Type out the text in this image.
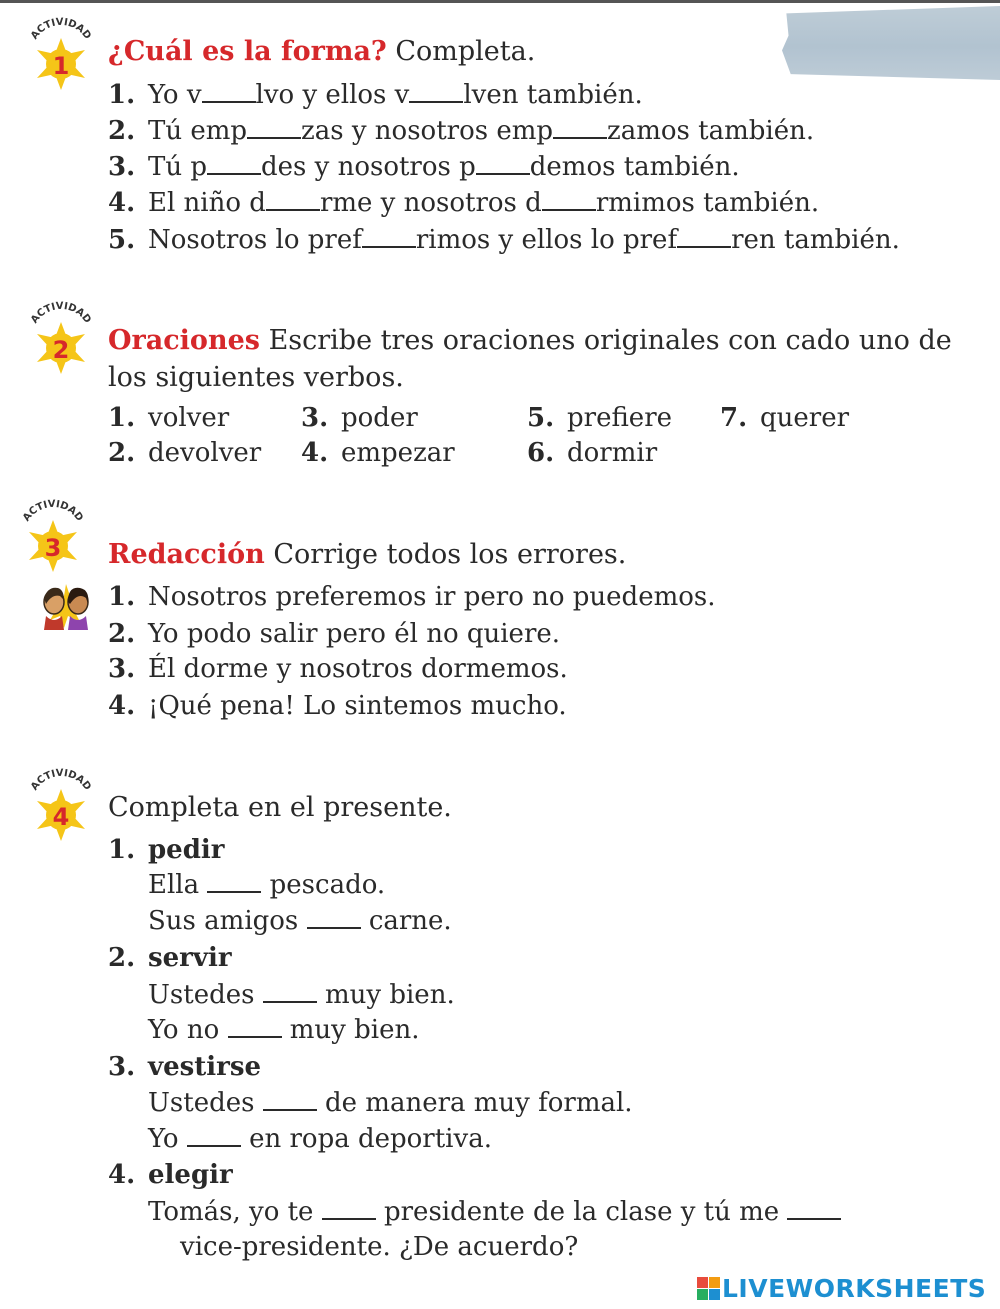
ACTIVIDAD
1
ACTIVIDAD
2
ACTIVIDAD
3
ACTIVIDAD
4
¿Cuál es la forma? Completa.
1. Yo v lvo y ellos v lven también.
2. Tú emp zas y nosotros emp zamos también.
3. Tú p des y nosotros p demos también.
4. El niño d rme y nosotros d rmimos también.
5. Nosotros lo pref rimos y ellos lo pref ren también.
Oraciones Escribe tres oraciones originales con cado uno de
los siguientes verbos.
1. volver
2. devolver
3. poder
4. empezar
5. prefiere
6. dormir
7. querer
Redacción Corrige todos los errores.
1. Nosotros preferemos ir pero no puedemos.
2. Yo podo salir pero él no quiere.
3. Él dorme y nosotros dormemos.
4. ¡Qué pena! Lo sintemos mucho.
Completa en el presente.
1. pedir
Ella	pescado.
Sus amigos	carne.
2. servir
Ustedes	muy bien.
Yo no	muy bien.
3. vestirse
Ustedes	de manera muy formal.
Yo	en ropa deportiva.
4. elegir
Tomás, yo te	presidente de la clase y tú me
vice-presidente. ¿De acuerdo?
LIVEWORKSHEETS
